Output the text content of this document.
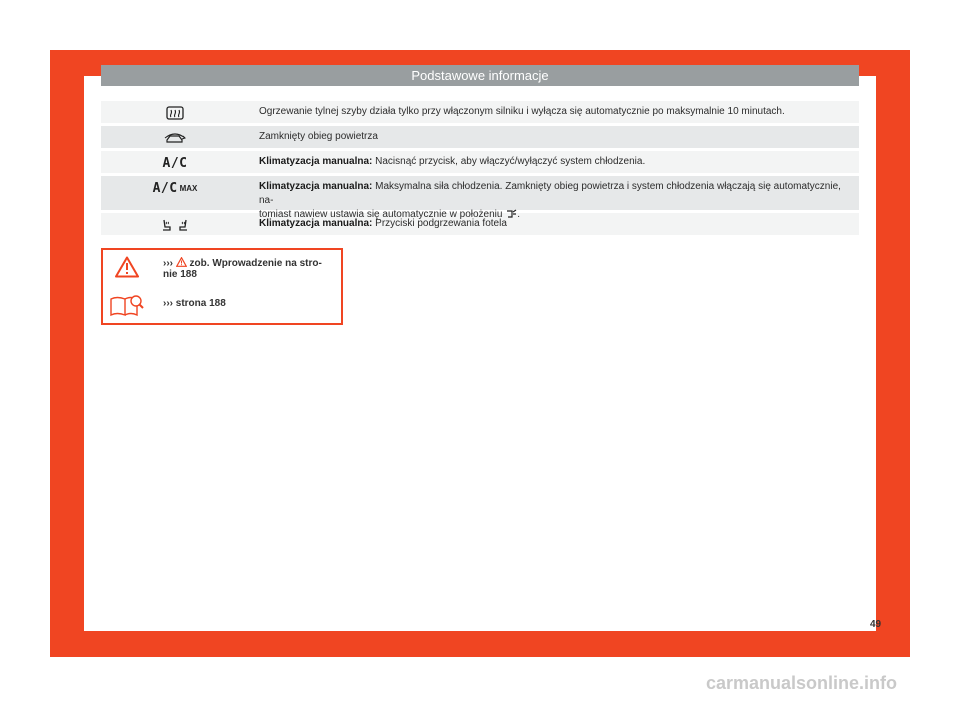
Podstawowe informacje
Ogrzewanie tylnej szyby działa tylko przy włączonym silniku i wyłącza się automatycznie po maksymalnie 10 minutach.
Zamknięty obieg powietrza
A/C	Klimatyzacja manualna: Nacisnąć przycisk, aby włączyć/wyłączyć system chłodzenia.
A/C MAX	Klimatyzacja manualna: Maksymalna siła chłodzenia. Zamknięty obieg powietrza i system chłodzenia włączają się automatycznie, na-
tomiast nawiew ustawia się automatycznie w położeniu .
Klimatyzacja manualna: Przyciski podgrzewania fotela
›››
zob. Wprowadzenie na stro-
nie 188
››› strona 188
49
carmanualsonline.info
